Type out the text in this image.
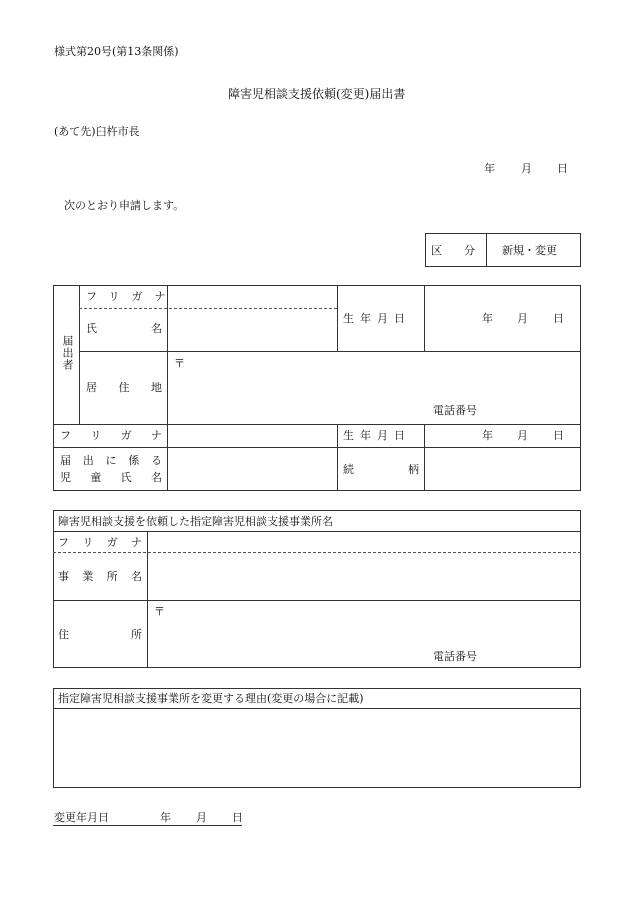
様式第20号(第13条関係)
障害児相談支援依頼(変更)届出書
(あて先)臼杵市長
年 月 日
次のとおり申請します。
区　　分 新規・変更
届出者
フリガナ
氏	名
生年月日	年 月 日
居 住 地
〒
電話番号
フ リ ガ ナ	生年月日	年 月 日
届 出 に 係 る
児 童 氏 名
続	柄
障害児相談支援を依頼した指定障害児相談支援事業所名
フ リ ガ ナ
事 業 所 名
住	所
〒
電話番号
指定障害児相談支援事業所を変更する理由(変更の場合に記載)
変更年月日	年 月 日
